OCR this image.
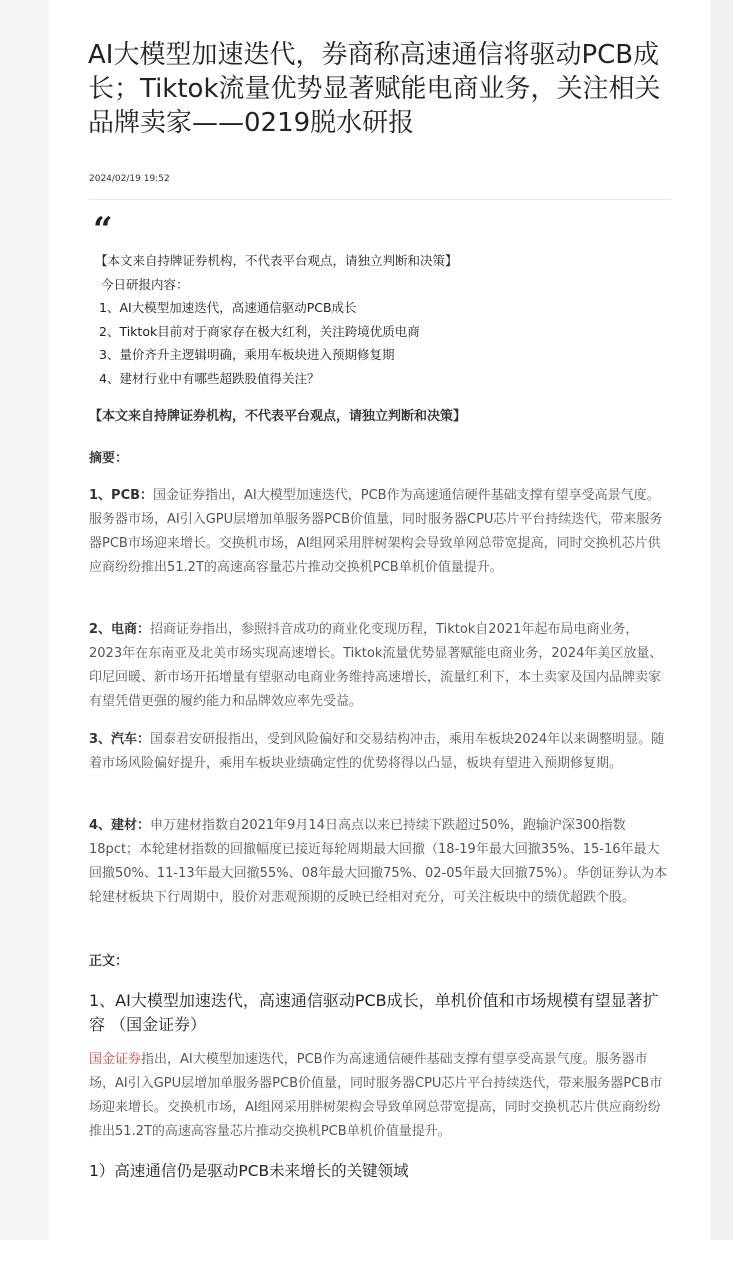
AI大模型加速迭代，券商称高速通信将驱动PCB成长；Tiktok流量优势显著赋能电商业务，关注相关品牌卖家——0219脱水研报
2024/02/19 19:52
“
【本文来自持牌证券机构，不代表平台观点，请独立判断和决策】
今日研报内容：
1、AI大模型加速迭代，高速通信驱动PCB成长
2、Tiktok目前对于商家存在极大红利，关注跨境优质电商
3、量价齐升主逻辑明确，乘用车板块进入预期修复期
4、建材行业中有哪些超跌股值得关注？
【本文来自持牌证券机构，不代表平台观点，请独立判断和决策】
摘要：

1、PCB：国金证券指出，AI大模型加速迭代，PCB作为高速通信硬件基础支撑有望享受高景气度。服务器市场，AI引入GPU层增加单服务器PCB价值量，同时服务器CPU芯片平台持续迭代，带来服务器PCB市场迎来增长。交换机市场，AI组网采用胖树架构会导致单网总带宽提高，同时交换机芯片供应商纷纷推出51.2T的高速高容量芯片推动交换机PCB单机价值量提升。

2、电商：招商证券指出，参照抖音成功的商业化变现历程，Tiktok自2021年起布局电商业务，2023年在东南亚及北美市场实现高速增长。Tiktok流量优势显著赋能电商业务，2024年美区放量、印尼回暖、新市场开拓增量有望驱动电商业务维持高速增长，流量红利下，本土卖家及国内品牌卖家有望凭借更强的履约能力和品牌效应率先受益。

3、汽车：国泰君安研报指出，受到风险偏好和交易结构冲击，乘用车板块2024年以来调整明显。随着市场风险偏好提升，乘用车板块业绩确定性的优势将得以凸显，板块有望进入预期修复期。

4、建材：申万建材指数自2021年9月14日高点以来已持续下跌超过50%，跑输沪深300指数18pct；本轮建材指数的回撤幅度已接近每轮周期最大回撤（18-19年最大回撤35%、15-16年最大回撤50%、11-13年最大回撤55%、08年最大回撤75%、02-05年最大回撤75%）。华创证券认为本轮建材板块下行周期中，股价对悲观预期的反映已经相对充分，可关注板块中的绩优超跌个股。

正文：
1、AI大模型加速迭代，高速通信驱动PCB成长，单机价值和市场规模有望显著扩容 （国金证券）

国金证券指出，AI大模型加速迭代，PCB作为高速通信硬件基础支撑有望享受高景气度。服务器市场，AI引入GPU层增加单服务器PCB价值量，同时服务器CPU芯片平台持续迭代，带来服务器PCB市场迎来增长。交换机市场，AI组网采用胖树架构会导致单网总带宽提高，同时交换机芯片供应商纷纷推出51.2T的高速高容量芯片推动交换机PCB单机价值量提升。

1）高速通信仍是驱动PCB未来增长的关键领域
